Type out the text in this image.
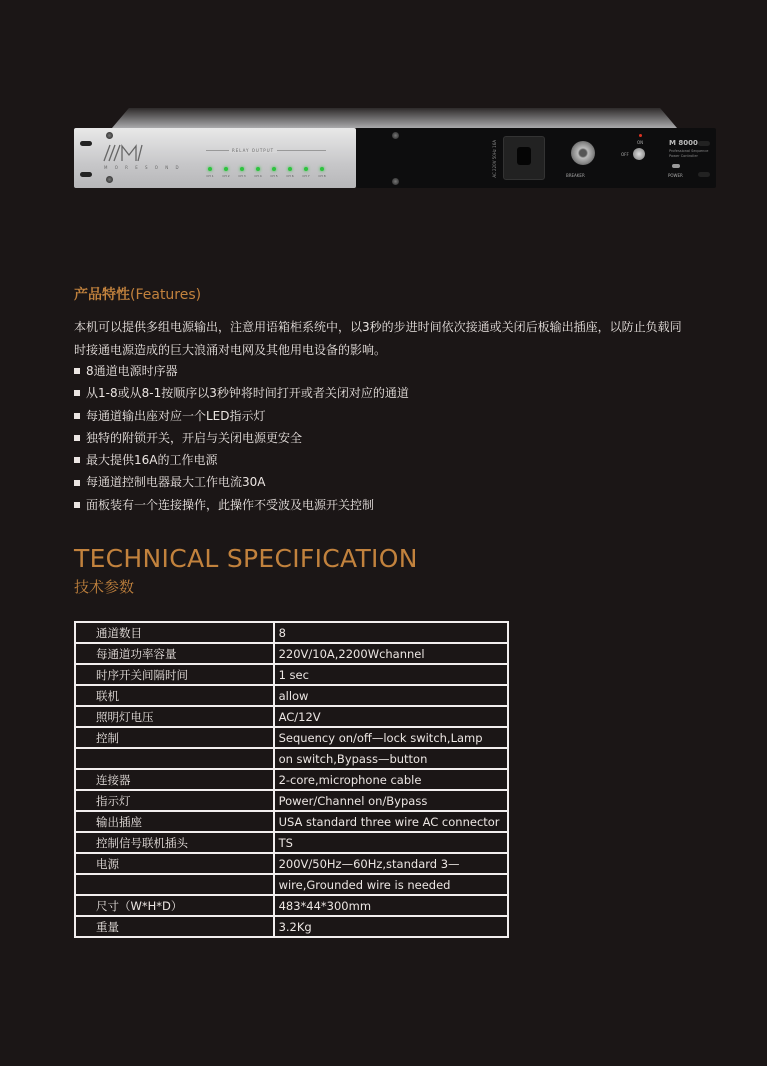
M O R E S O N D
RELAY OUTPUT
CH 1	CH 2	CH 3	CH 4	CH 5	CH 6	CH 7	CH 8	AC 220V 50Hz 16A	BREAKER
ON
OFF
M 8000
Professional Sequence Power Controller
POWER
产品特性(Features)
本机可以提供多组电源输出，注意用语箱柜系统中，以3秒的步进时间依次接通或关闭后板输出插座，以防止负载同时接通电源造成的巨大浪涌对电网及其他用电设备的影响。
8通道电源时序器
从1-8或从8-1按顺序以3秒钟将时间打开或者关闭对应的通道
每通道输出座对应一个LED指示灯
独特的附锁开关，开启与关闭电源更安全
最大提供16A的工作电源
每通道控制电器最大工作电流30A
面板装有一个连接操作，此操作不受波及电源开关控制
TECHNICAL SPECIFICATION
技术参数
通道数目	8
每通道功率容量	220V/10A,2200Wchannel
时序开关间隔时间	1 sec
联机	allow
照明灯电压	AC/12V
控制	Sequency on/off—lock switch,Lamp
	on switch,Bypass—button
连接器	2-core,microphone cable
指示灯	Power/Channel on/Bypass
输出插座	USA standard three wire AC connector
控制信号联机插头	TS
电源	200V/50Hz—60Hz,standard 3—
	wire,Grounded wire is needed
尺寸（W*H*D）	483*44*300mm
重量	3.2Kg
